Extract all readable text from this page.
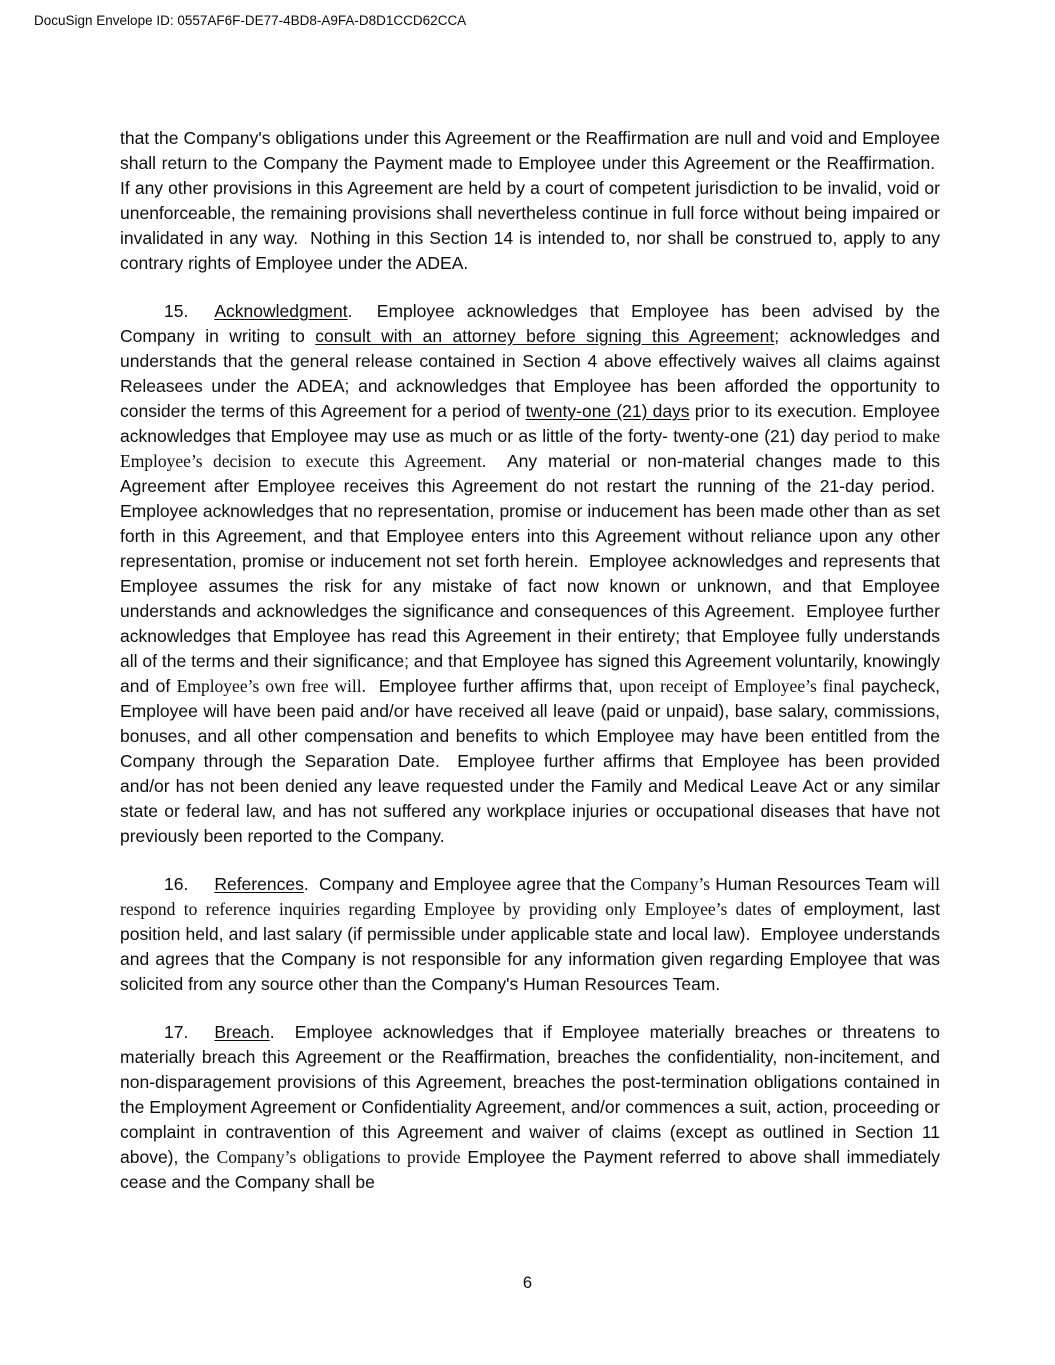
DocuSign Envelope ID: 0557AF6F-DE77-4BD8-A9FA-D8D1CCD62CCA

that the Company's obligations under this Agreement or the Reaffirmation are null and void and Employee shall return to the Company the Payment made to Employee under this Agreement or the Reaffirmation.  If any other provisions in this Agreement are held by a court of competent jurisdiction to be invalid, void or unenforceable, the remaining provisions shall nevertheless continue in full force without being impaired or invalidated in any way.  Nothing in this Section 14 is intended to, nor shall be construed to, apply to any contrary rights of Employee under the ADEA.

15. Acknowledgment.  Employee acknowledges that Employee has been advised by the Company in writing to consult with an attorney before signing this Agreement; acknowledges and understands that the general release contained in Section 4 above effectively waives all claims against Releasees under the ADEA; and acknowledges that Employee has been afforded the opportunity to consider the terms of this Agreement for a period of twenty-one (21) days prior to its execution. Employee acknowledges that Employee may use as much or as little of the forty- twenty-one (21) day period to make Employee’s decision to execute this Agreement.  Any material or non-material changes made to this Agreement after Employee receives this Agreement do not restart the running of the 21-day period.  Employee acknowledges that no representation, promise or inducement has been made other than as set forth in this Agreement, and that Employee enters into this Agreement without reliance upon any other representation, promise or inducement not set forth herein.  Employee acknowledges and represents that Employee assumes the risk for any mistake of fact now known or unknown, and that Employee understands and acknowledges the significance and consequences of this Agreement.  Employee further acknowledges that Employee has read this Agreement in their entirety; that Employee fully understands all of the terms and their significance; and that Employee has signed this Agreement voluntarily, knowingly and of Employee’s own free will.  Employee further affirms that, upon receipt of Employee’s final paycheck, Employee will have been paid and/or have received all leave (paid or unpaid), base salary, commissions, bonuses, and all other compensation and benefits to which Employee may have been entitled from the Company through the Separation Date.  Employee further affirms that Employee has been provided and/or has not been denied any leave requested under the Family and Medical Leave Act or any similar state or federal law, and has not suffered any workplace injuries or occupational diseases that have not previously been reported to the Company.

16. References.  Company and Employee agree that the Company’s Human Resources Team will respond to reference inquiries regarding Employee by providing only Employee’s dates of employment, last position held, and last salary (if permissible under applicable state and local law).  Employee understands and agrees that the Company is not responsible for any information given regarding Employee that was solicited from any source other than the Company's Human Resources Team.

17. Breach.  Employee acknowledges that if Employee materially breaches or threatens to materially breach this Agreement or the Reaffirmation, breaches the confidentiality, non-incitement, and non-disparagement provisions of this Agreement, breaches the post-termination obligations contained in the Employment Agreement or Confidentiality Agreement, and/or commences a suit, action, proceeding or complaint in contravention of this Agreement and waiver of claims (except as outlined in Section 11 above), the Company’s obligations to provide Employee the Payment referred to above shall immediately cease and the Company shall be

6
